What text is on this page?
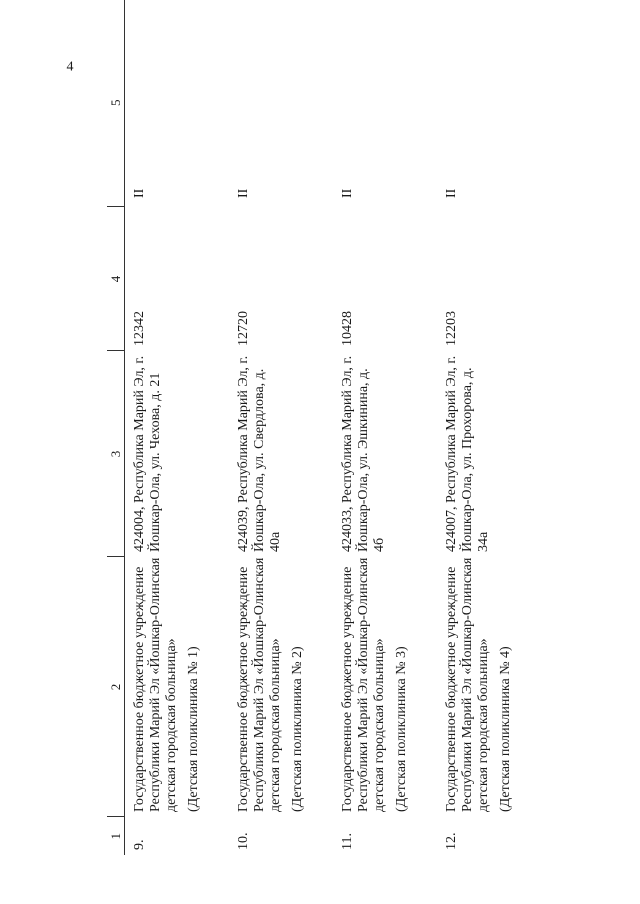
4
1	2	3	4	5
9.	Государственное бюджетное учреждение Республики Марий Эл «Йошкар-Олинская детская городская больница» (Детская поликлиника № 1)	424004, Республика Марий Эл, г. Йошкар-Ола, ул. Чехова, д. 21	12342	II
10.	Государственное бюджетное учреждение Республики Марий Эл «Йошкар-Олинская детская городская больница» (Детская поликлиника № 2)	424039, Республика Марий Эл, г. Йошкар-Ола, ул. Свердлова, д. 40а	12720	II
11.	Государственное бюджетное учреждение Республики Марий Эл «Йошкар-Олинская детская городская больница» (Детская поликлиника № 3)	424033, Республика Марий Эл, г. Йошкар-Ола, ул. Эшкинина, д. 4б	10428	II
12.	Государственное бюджетное учреждение Республики Марий Эл «Йошкар-Олинская детская городская больница» (Детская поликлиника № 4)	424007, Республика Марий Эл, г. Йошкар-Ола, ул. Прохорова, д. 34а	12203	II
